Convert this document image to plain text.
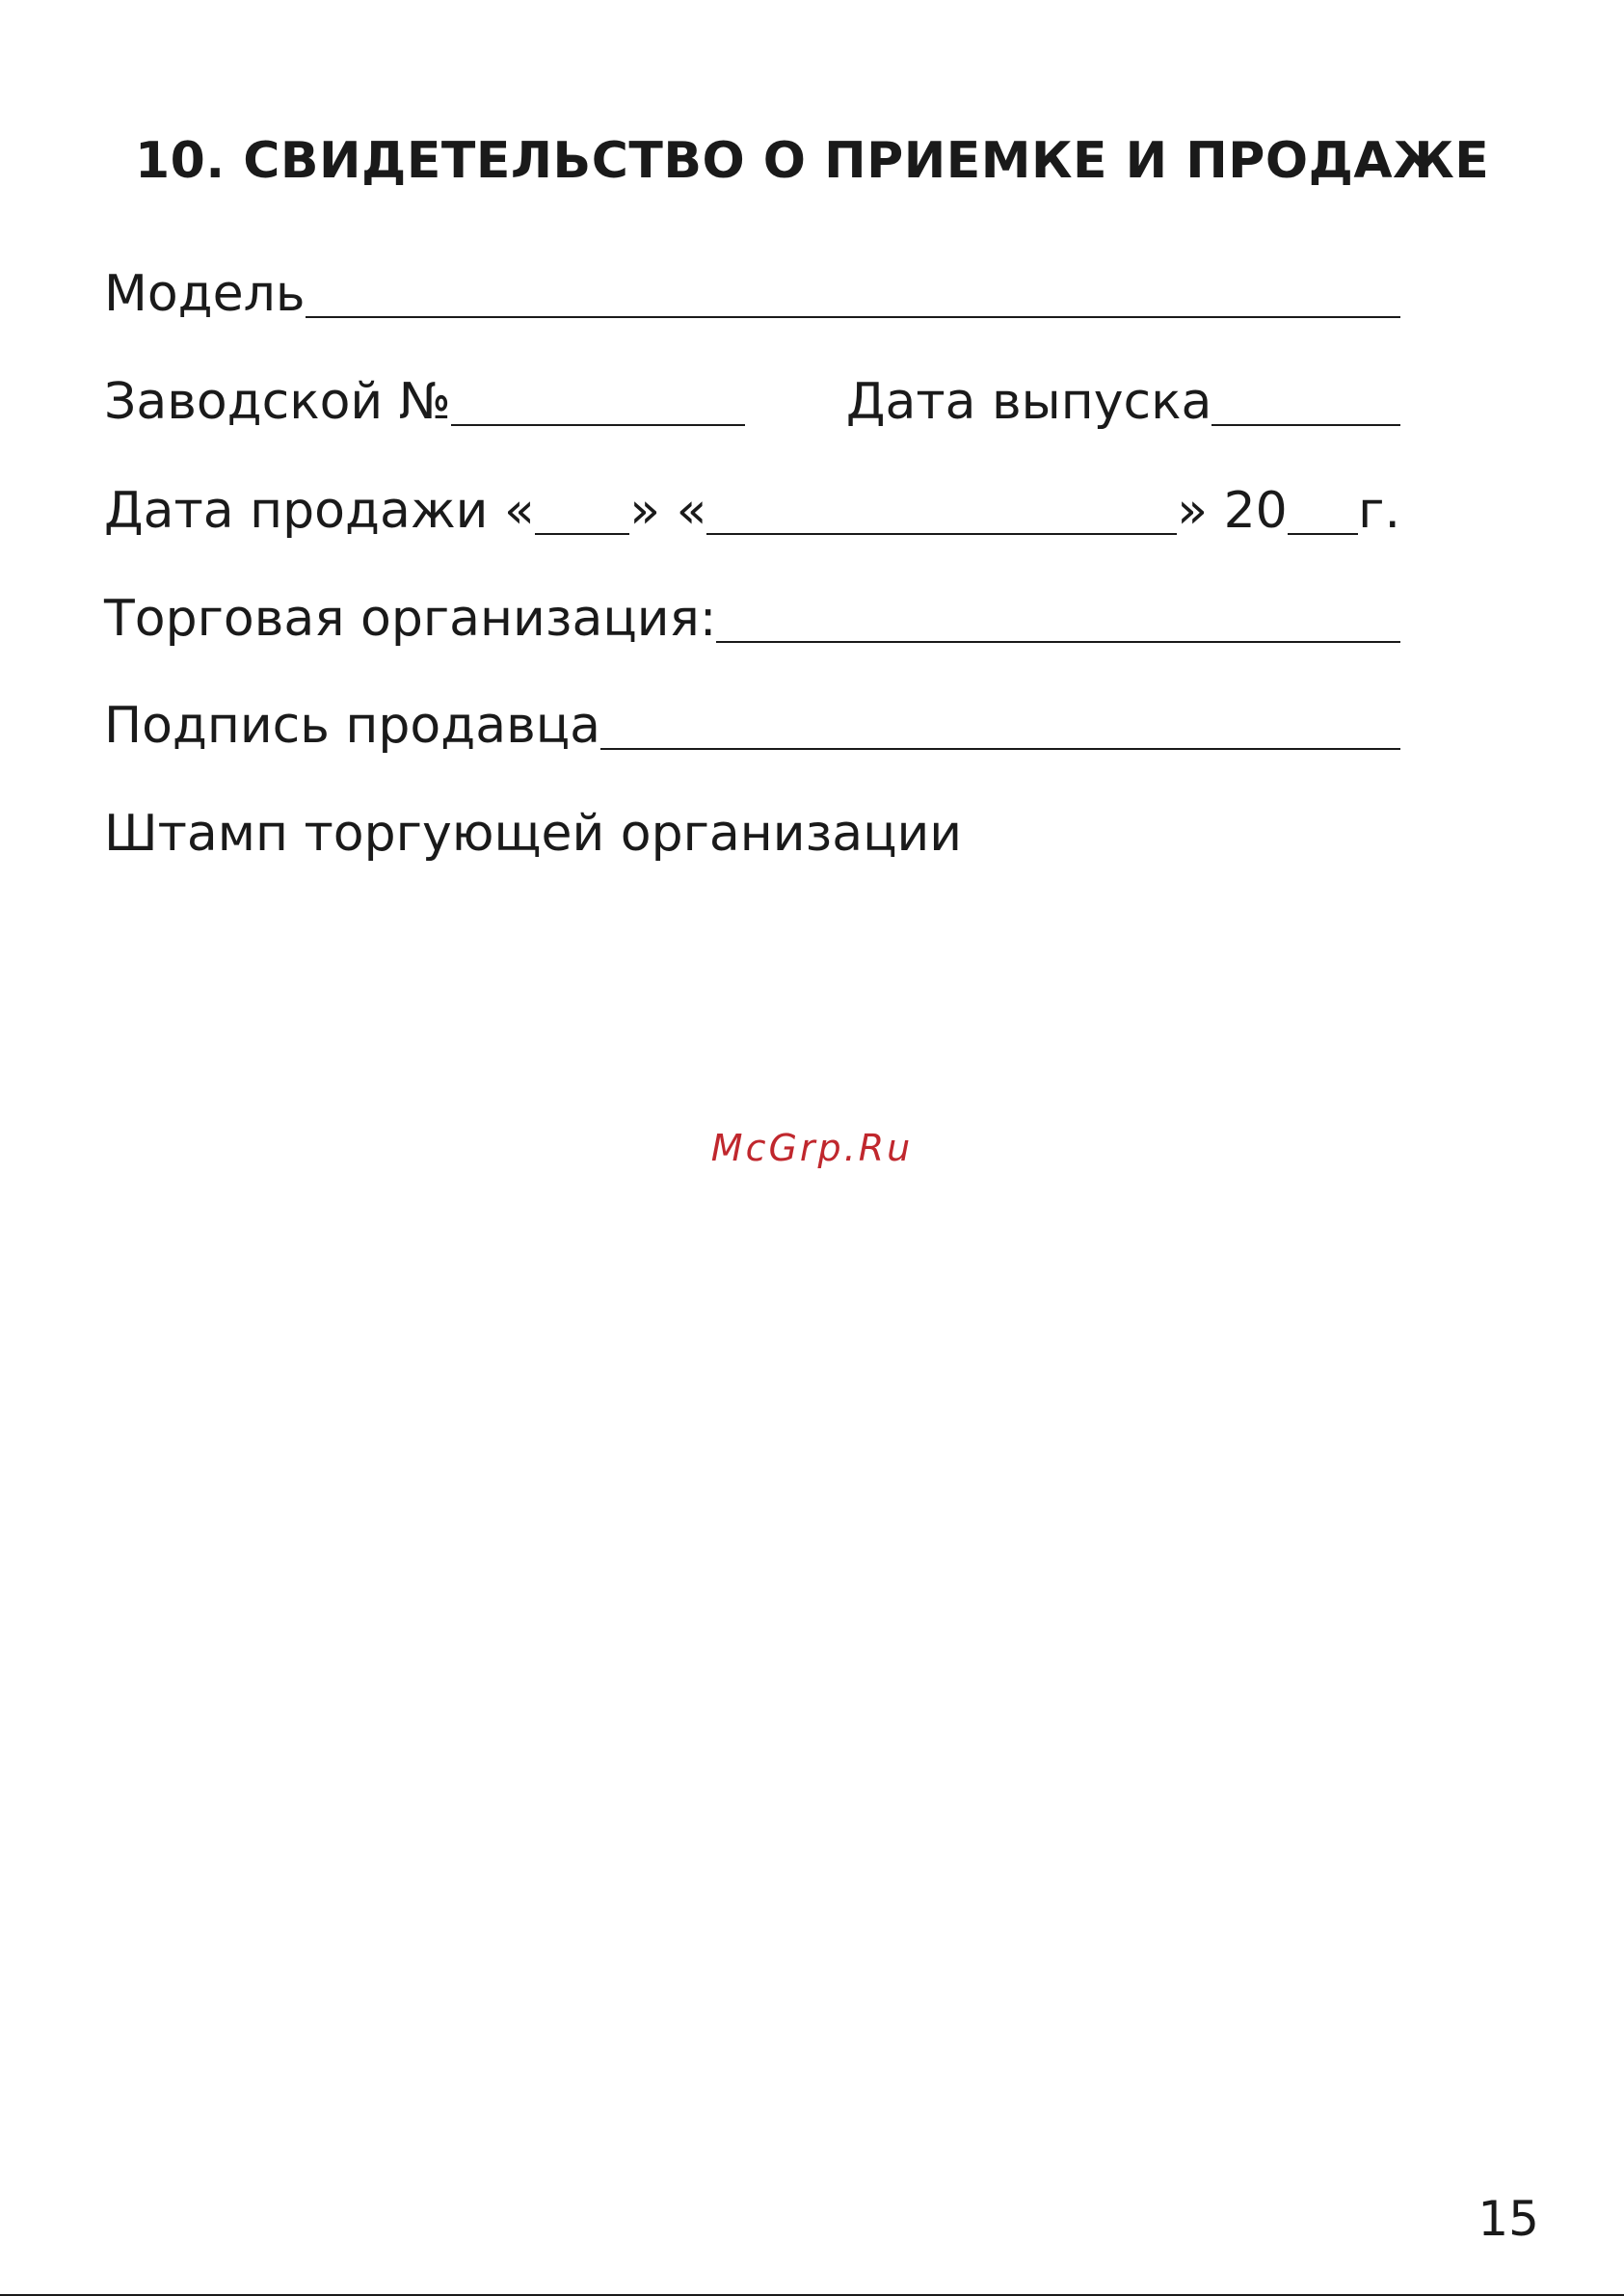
10. СВИДЕТЕЛЬСТВО О ПРИЕМКЕ И ПРОДАЖЕ
Модель
Заводской №	Дата выпуска
Дата продажи « » «	» 20 г.
Торговая организация:
Подпись продавца
Штамп торгующей организации
McGrp.Ru
15
